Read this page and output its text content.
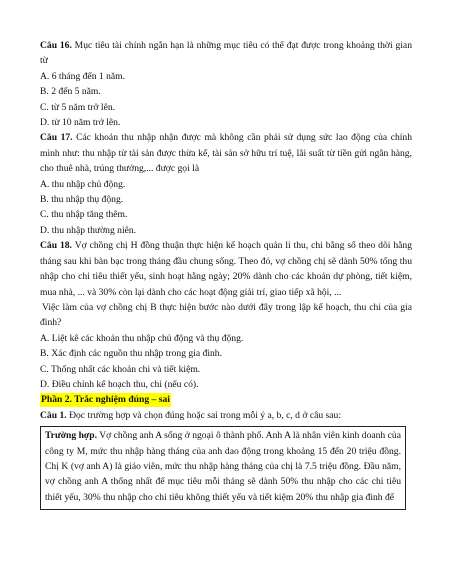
Câu 16. Mục tiêu tài chính ngắn hạn là những mục tiêu có thể đạt được trong khoảng thời gian từ

A. 6 tháng đến 1 năm.

B. 2 đến 5 năm.

C. từ 5 năm trở lên.

D. từ 10 năm trở lên.

Câu 17. Các khoản thu nhập nhận được mà không cần phải sử dụng sức lao động của chính mình như: thu nhập từ tài sản được thừa kế, tài sản sở hữu trí tuệ, lãi suất từ tiền gửi ngân hàng, cho thuê nhà, trúng thưởng,... được gọi là

A. thu nhập chủ động.

B. thu nhập thụ động.

C. thu nhập tăng thêm.

D. thu nhập thường niên.

Câu 18. Vợ chồng chị H đồng thuận thực hiện kế hoạch quản lí thu, chi bằng sổ theo dõi hằng tháng sau khi bàn bạc trong tháng đầu chung sống. Theo đó, vợ chồng chị sẽ dành 50% tổng thu nhập cho chi tiêu thiết yếu, sinh hoạt hằng ngày; 20% dành cho các khoản dự phòng, tiết kiệm, mua nhà, ... và 30% còn lại dành cho các hoạt động giải trí, giao tiếp xã hội, ...

Việc làm của vợ chồng chị B thực hiện bước nào dưới đây trong lập kế hoạch, thu chi của gia đình?

A. Liệt kê các khoản thu nhập chủ động và thụ động.

B. Xác định các nguồn thu nhập trong gia đình.

C. Thống nhất các khoản chi và tiết kiệm.

D. Điều chỉnh kế hoạch thu, chi (nếu có).

Phần 2. Trắc nghiệm đúng – sai

Câu 1. Đọc trường hợp và chọn đúng hoặc sai trong mỗi ý a, b, c, d ở câu sau:

Trường hợp. Vợ chồng anh A sống ở ngoại ô thành phố. Anh A là nhân viên kinh doanh của công ty M, mức thu nhập hàng tháng của anh dao động trong khoảng 15 đến 20 triệu đồng. Chị K (vợ anh A) là giáo viên, mức thu nhập hàng tháng của chị là 7.5 triệu đồng. Đầu năm, vợ chồng anh A thống nhất để mục tiêu mỗi tháng sẽ dành 50% thu nhập cho các chi tiêu thiết yếu, 30% thu nhập cho chi tiêu không thiết yếu và tiết kiệm 20% thu nhập gia đình để
